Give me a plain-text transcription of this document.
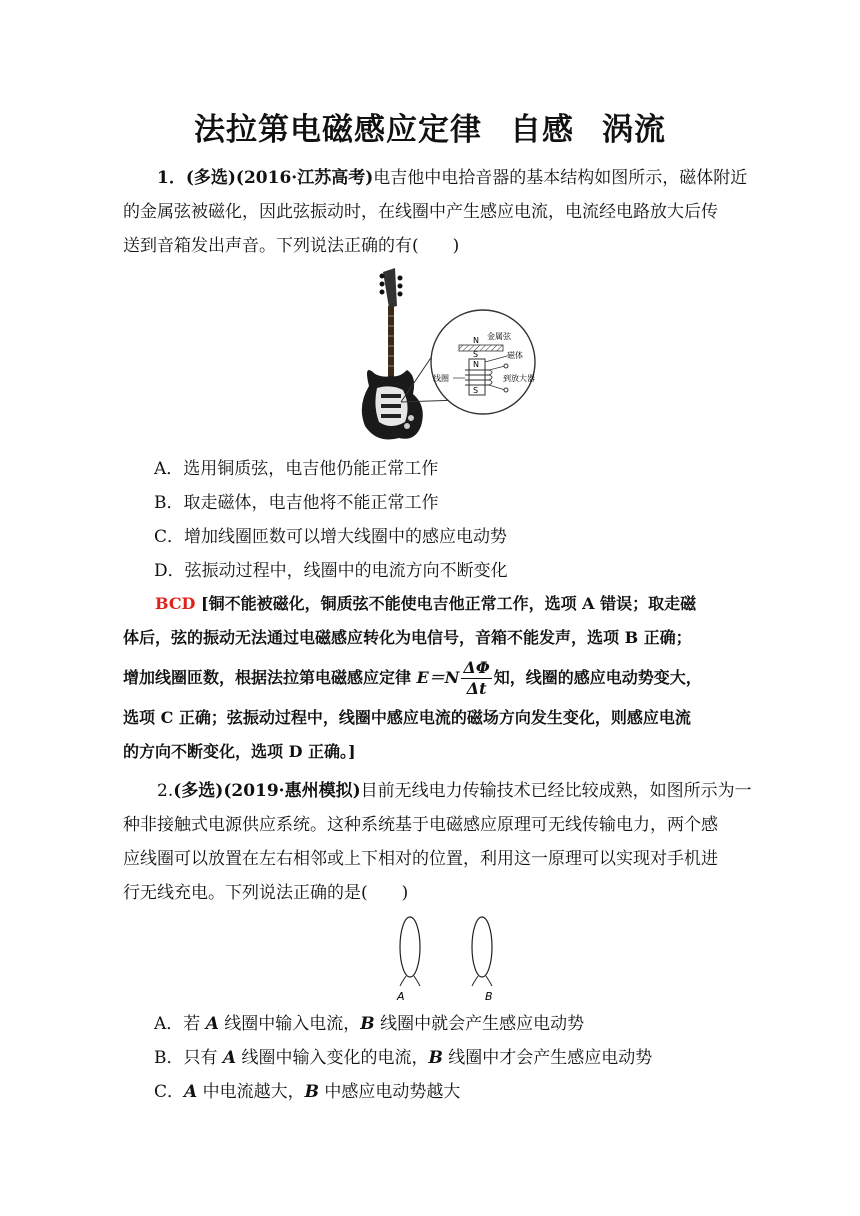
法拉第电磁感应定律 自感 涡流
1．(多选)(2016·江苏高考)电吉他中电拾音器的基本结构如图所示，磁体附近
的金属弦被磁化，因此弦振动时，在线圈中产生感应电流，电流经电路放大后传
送到音箱发出声音。下列说法正确的有(　　)
N
S
N
S
金属弦
磁体
线圈	到放大器
A．选用铜质弦，电吉他仍能正常工作
B．取走磁体，电吉他将不能正常工作
C．增加线圈匝数可以增大线圈中的感应电动势
D．弦振动过程中，线圈中的电流方向不断变化
BCD [铜不能被磁化，铜质弦不能使电吉他正常工作，选项 A 错误；取走磁
体后，弦的振动无法通过电磁感应转化为电信号，音箱不能发声，选项 B 正确；
增加线圈匝数，根据法拉第电磁感应定律 $E=N \frac{\Delta\Phi}{\Delta t}$ 知，线圈的感应电动势变大，
选项 C 正确；弦振动过程中，线圈中感应电流的磁场方向发生变化，则感应电流
的方向不断变化，选项 D 正确。]
2.(多选)(2019·惠州模拟)目前无线电力传输技术已经比较成熟，如图所示为一
种非接触式电源供应系统。这种系统基于电磁感应原理可无线传输电力，两个感
应线圈可以放置在左右相邻或上下相对的位置，利用这一原理可以实现对手机进
行无线充电。下列说法正确的是(　　)
A	B
A．若 A 线圈中输入电流，B 线圈中就会产生感应电动势
B．只有 A 线圈中输入变化的电流，B 线圈中才会产生感应电动势
C．A 中电流越大，B 中感应电动势越大
